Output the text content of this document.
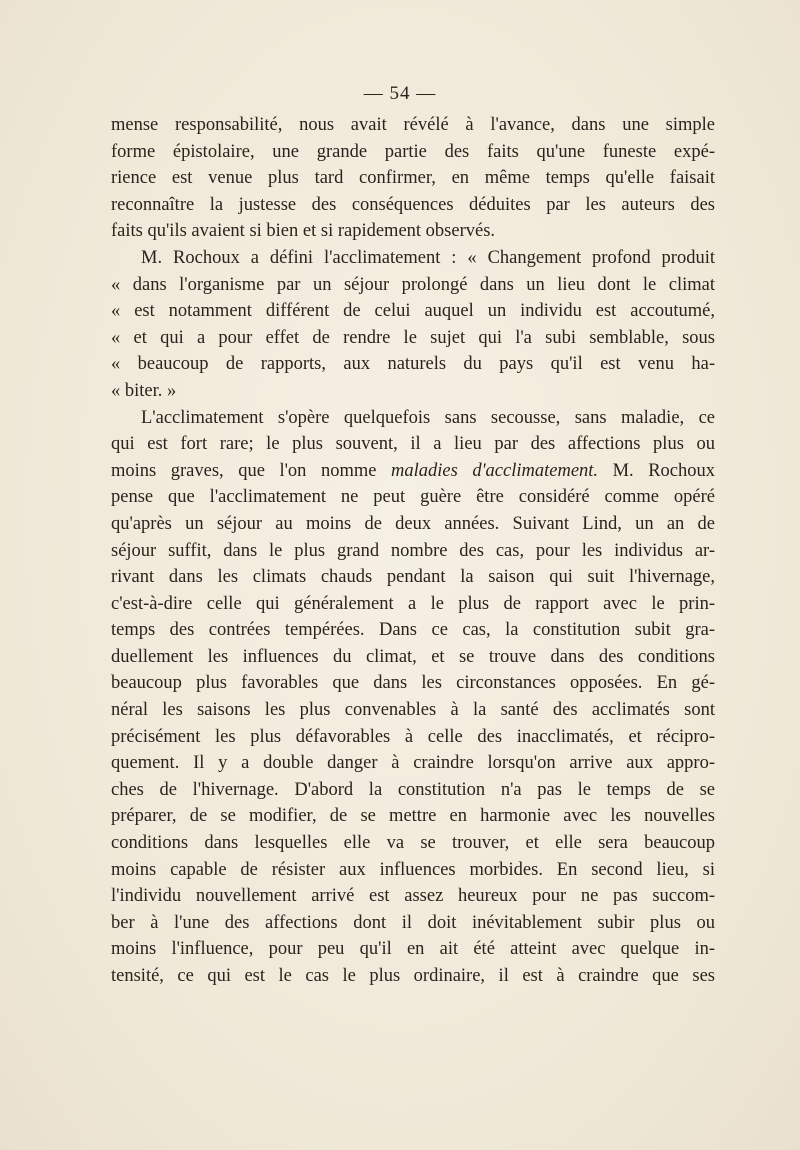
— 54 —
mense responsabilité, nous avait révélé à l'avance, dans une simple
forme épistolaire, une grande partie des faits qu'une funeste expé-
rience est venue plus tard confirmer, en même temps qu'elle faisait
reconnaître la justesse des conséquences déduites par les auteurs des
faits qu'ils avaient si bien et si rapidement observés.
M. Rochoux a défini l'acclimatement : « Changement profond produit
« dans l'organisme par un séjour prolongé dans un lieu dont le climat
« est notamment différent de celui auquel un individu est accoutumé,
« et qui a pour effet de rendre le sujet qui l'a subi semblable, sous
« beaucoup de rapports, aux naturels du pays qu'il est venu ha-
« biter. »
L'acclimatement s'opère quelquefois sans secousse, sans maladie, ce
qui est fort rare; le plus souvent, il a lieu par des affections plus ou
moins graves, que l'on nomme maladies d'acclimatement. M. Rochoux
pense que l'acclimatement ne peut guère être considéré comme opéré
qu'après un séjour au moins de deux années. Suivant Lind, un an de
séjour suffit, dans le plus grand nombre des cas, pour les individus ar-
rivant dans les climats chauds pendant la saison qui suit l'hivernage,
c'est-à-dire celle qui généralement a le plus de rapport avec le prin-
temps des contrées tempérées. Dans ce cas, la constitution subit gra-
duellement les influences du climat, et se trouve dans des conditions
beaucoup plus favorables que dans les circonstances opposées. En gé-
néral les saisons les plus convenables à la santé des acclimatés sont
précisément les plus défavorables à celle des inacclimatés, et récipro-
quement. Il y a double danger à craindre lorsqu'on arrive aux appro-
ches de l'hivernage. D'abord la constitution n'a pas le temps de se
préparer, de se modifier, de se mettre en harmonie avec les nouvelles
conditions dans lesquelles elle va se trouver, et elle sera beaucoup
moins capable de résister aux influences morbides. En second lieu, si
l'individu nouvellement arrivé est assez heureux pour ne pas succom-
ber à l'une des affections dont il doit inévitablement subir plus ou
moins l'influence, pour peu qu'il en ait été atteint avec quelque in-
tensité, ce qui est le cas le plus ordinaire, il est à craindre que ses
